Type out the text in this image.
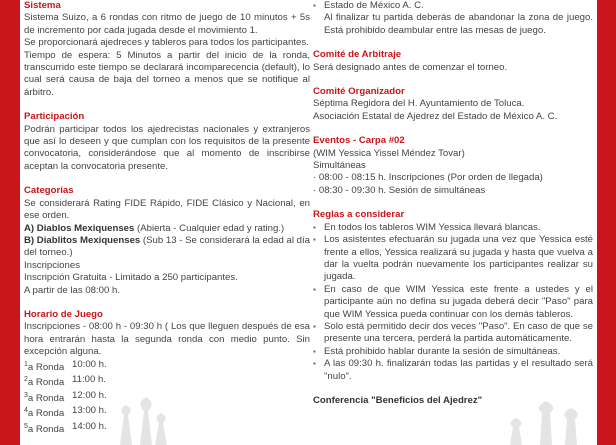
Sistema

Sistema Suizo, a 6 rondas con ritmo de juego de 10 minutos + 5s de incremento por cada jugada desde el movimiento 1.

Se proporcionará ajedreces y tableros para todos los participantes.

Tiempo de espera: 5 Minutos a partir del inicio de la ronda, transcurrido este tiempo se declarará incomparecencia (default), lo cual será causa de baja del torneo a menos que se notifique al árbitro.

Participación

Podrán participar todos los ajedrecistas nacionales y extranjeros que así lo deseen y que cumplan con los requisitos de la presente convocatoria, considerándose que al momento de inscribirse aceptan la convocatoria presente.

Categorías

Se considerará Rating FIDE Rápido, FIDE Clásico y Nacional, en ese orden.

A) Diablos Mexiquenses (Abierta - Cualquier edad y rating.)

B) Diablitos Mexiquenses (Sub 13 - Se considerará la edad al día del torneo.)

Inscripciones

Inscripción Gratuita - Limitado a 250 participantes.

A partir de las 08:00 h.

Horario de Juego

Inscripciones - 08:00 h - 09:30 h ( Los que lleguen después de esa hora entrarán hasta la segunda ronda con medio punto. Sin excepción alguna.

$^1$a Ronda 10:00 h.
$^2$a Ronda 11:00 h.
$^3$a Ronda 12:00 h.
$^4$a Ronda 13:00 h.
$^5$a Ronda 14:00 h.
▪ Estado de México A. C.

Al finalizar tu partida deberás de abandonar la zona de juego. Está prohibido deambular entre las mesas de juego.

Comité de Arbitraje

Será designado antes de comenzar el torneo.

Comité Organizador

Séptima Regidora del H. Ayuntamiento de Toluca.

Asociación Estatal de Ajedrez del Estado de México A. C.

Eventos - Carpa #02

(WIM Yessica Yissel Méndez Tovar)

Simultáneas

· 08:00 - 08:15 h. Inscripciones (Por orden de llegada)

· 08:30 - 09:30 h. Sesión de simultáneas

Reglas a considerar

▪ En todos los tableros WIM Yessica llevará blancas.
▪ Los asistentes efectuarán su jugada una vez que Yessica esté frente a ellos, Yessica realizará su jugada y hasta que vuelva a dar la vuelta podrán nuevamente los participantes realizar su jugada.
▪ En caso de que WIM Yessica este frente a ustedes y el participante aún no defina su jugada deberá decir "Paso" para que WIM Yessica pueda continuar con los demás tableros.
▪ Solo está permitido decir dos veces "Paso". En caso de que se presente una tercera, perderá la partida automáticamente.
▪ Está prohibido hablar durante la sesión de simultáneas.
▪ A las 09:30 h. finalizarán todas las partidas y el resultado será "nulo".

Conferencia "Beneficios del Ajedrez"
